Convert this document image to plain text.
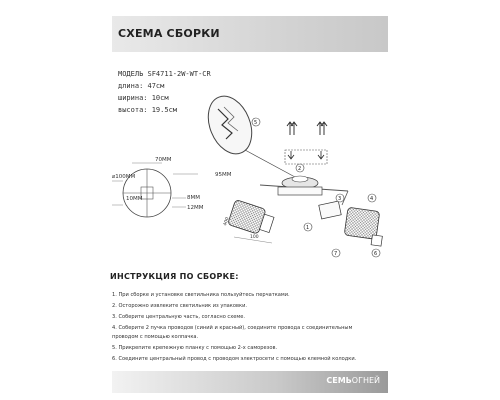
СХЕМА СБОРКИ
МОДЕЛЬ SF4711-2W-WT-CR
длина: 47см
ширина: 10см
высота: 19.5см
70ММ
95ММ
⌀100ММ
10ММ	8ММ
12ММ
100
400
5
2
3
7	6
4
1
ИНСТРУКЦИЯ ПО СБОРКЕ:
1. При сборке и установке светильника пользуйтесь перчатками.
2. Осторожно извлеките светильник из упаковки.
3. Соберите центральную часть, согласно схеме.
4. Соберите 2 пучка проводов (синий и красный), соедините провода с соединительным
проводом с помощью колпачка.
5. Прикрепите крепежную планку с помощью 2-х саморезов.
6. Соедините центральный провод с проводом электросети с помощью клемной колодки.
СЕМЬОГНЕЙ
